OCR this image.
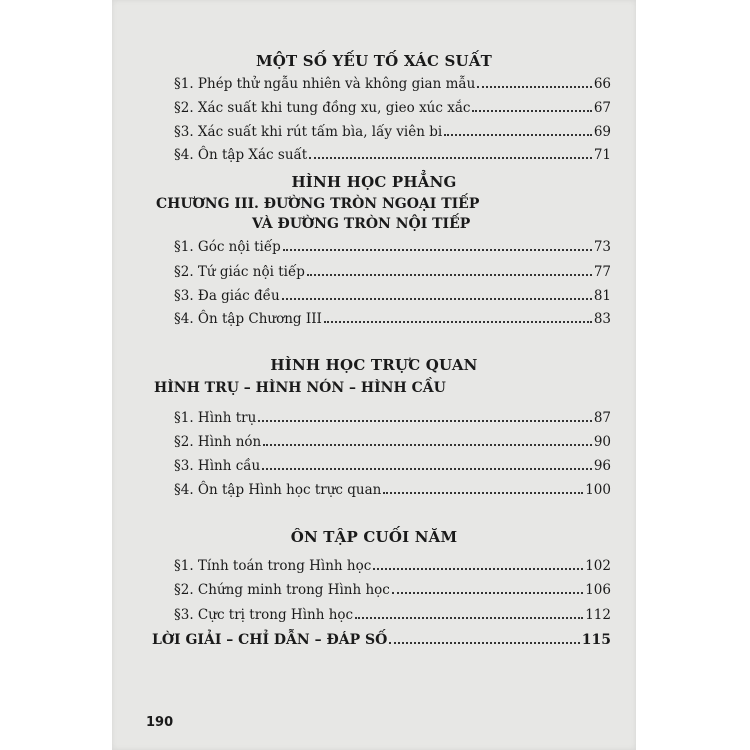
MỘT SỐ YẾU TỐ XÁC SUẤT
§1. Phép thử ngẫu nhiên và không gian mẫu	66
§2. Xác suất khi tung đồng xu, gieo xúc xắc	67
§3. Xác suất khi rút tấm bìa, lấy viên bi	69
§4. Ôn tập Xác suất	71
HÌNH HỌC PHẲNG
CHƯƠNG III. ĐƯỜNG TRÒN NGOẠI TIẾP
VÀ ĐƯỜNG TRÒN NỘI TIẾP
§1. Góc nội tiếp	73
§2. Tứ giác nội tiếp	77
§3. Đa giác đều	81
§4. Ôn tập Chương III	83
HÌNH HỌC TRỰC QUAN
HÌNH TRỤ – HÌNH NÓN – HÌNH CẦU
§1. Hình trụ	87
§2. Hình nón	90
§3. Hình cầu	96
§4. Ôn tập Hình học trực quan	100
ÔN TẬP CUỐI NĂM
§1. Tính toán trong Hình học	102
§2. Chứng minh trong Hình học	106
§3. Cực trị trong Hình học	112
LỜI GIẢI – CHỈ DẪN – ĐÁP SỐ	115
190
